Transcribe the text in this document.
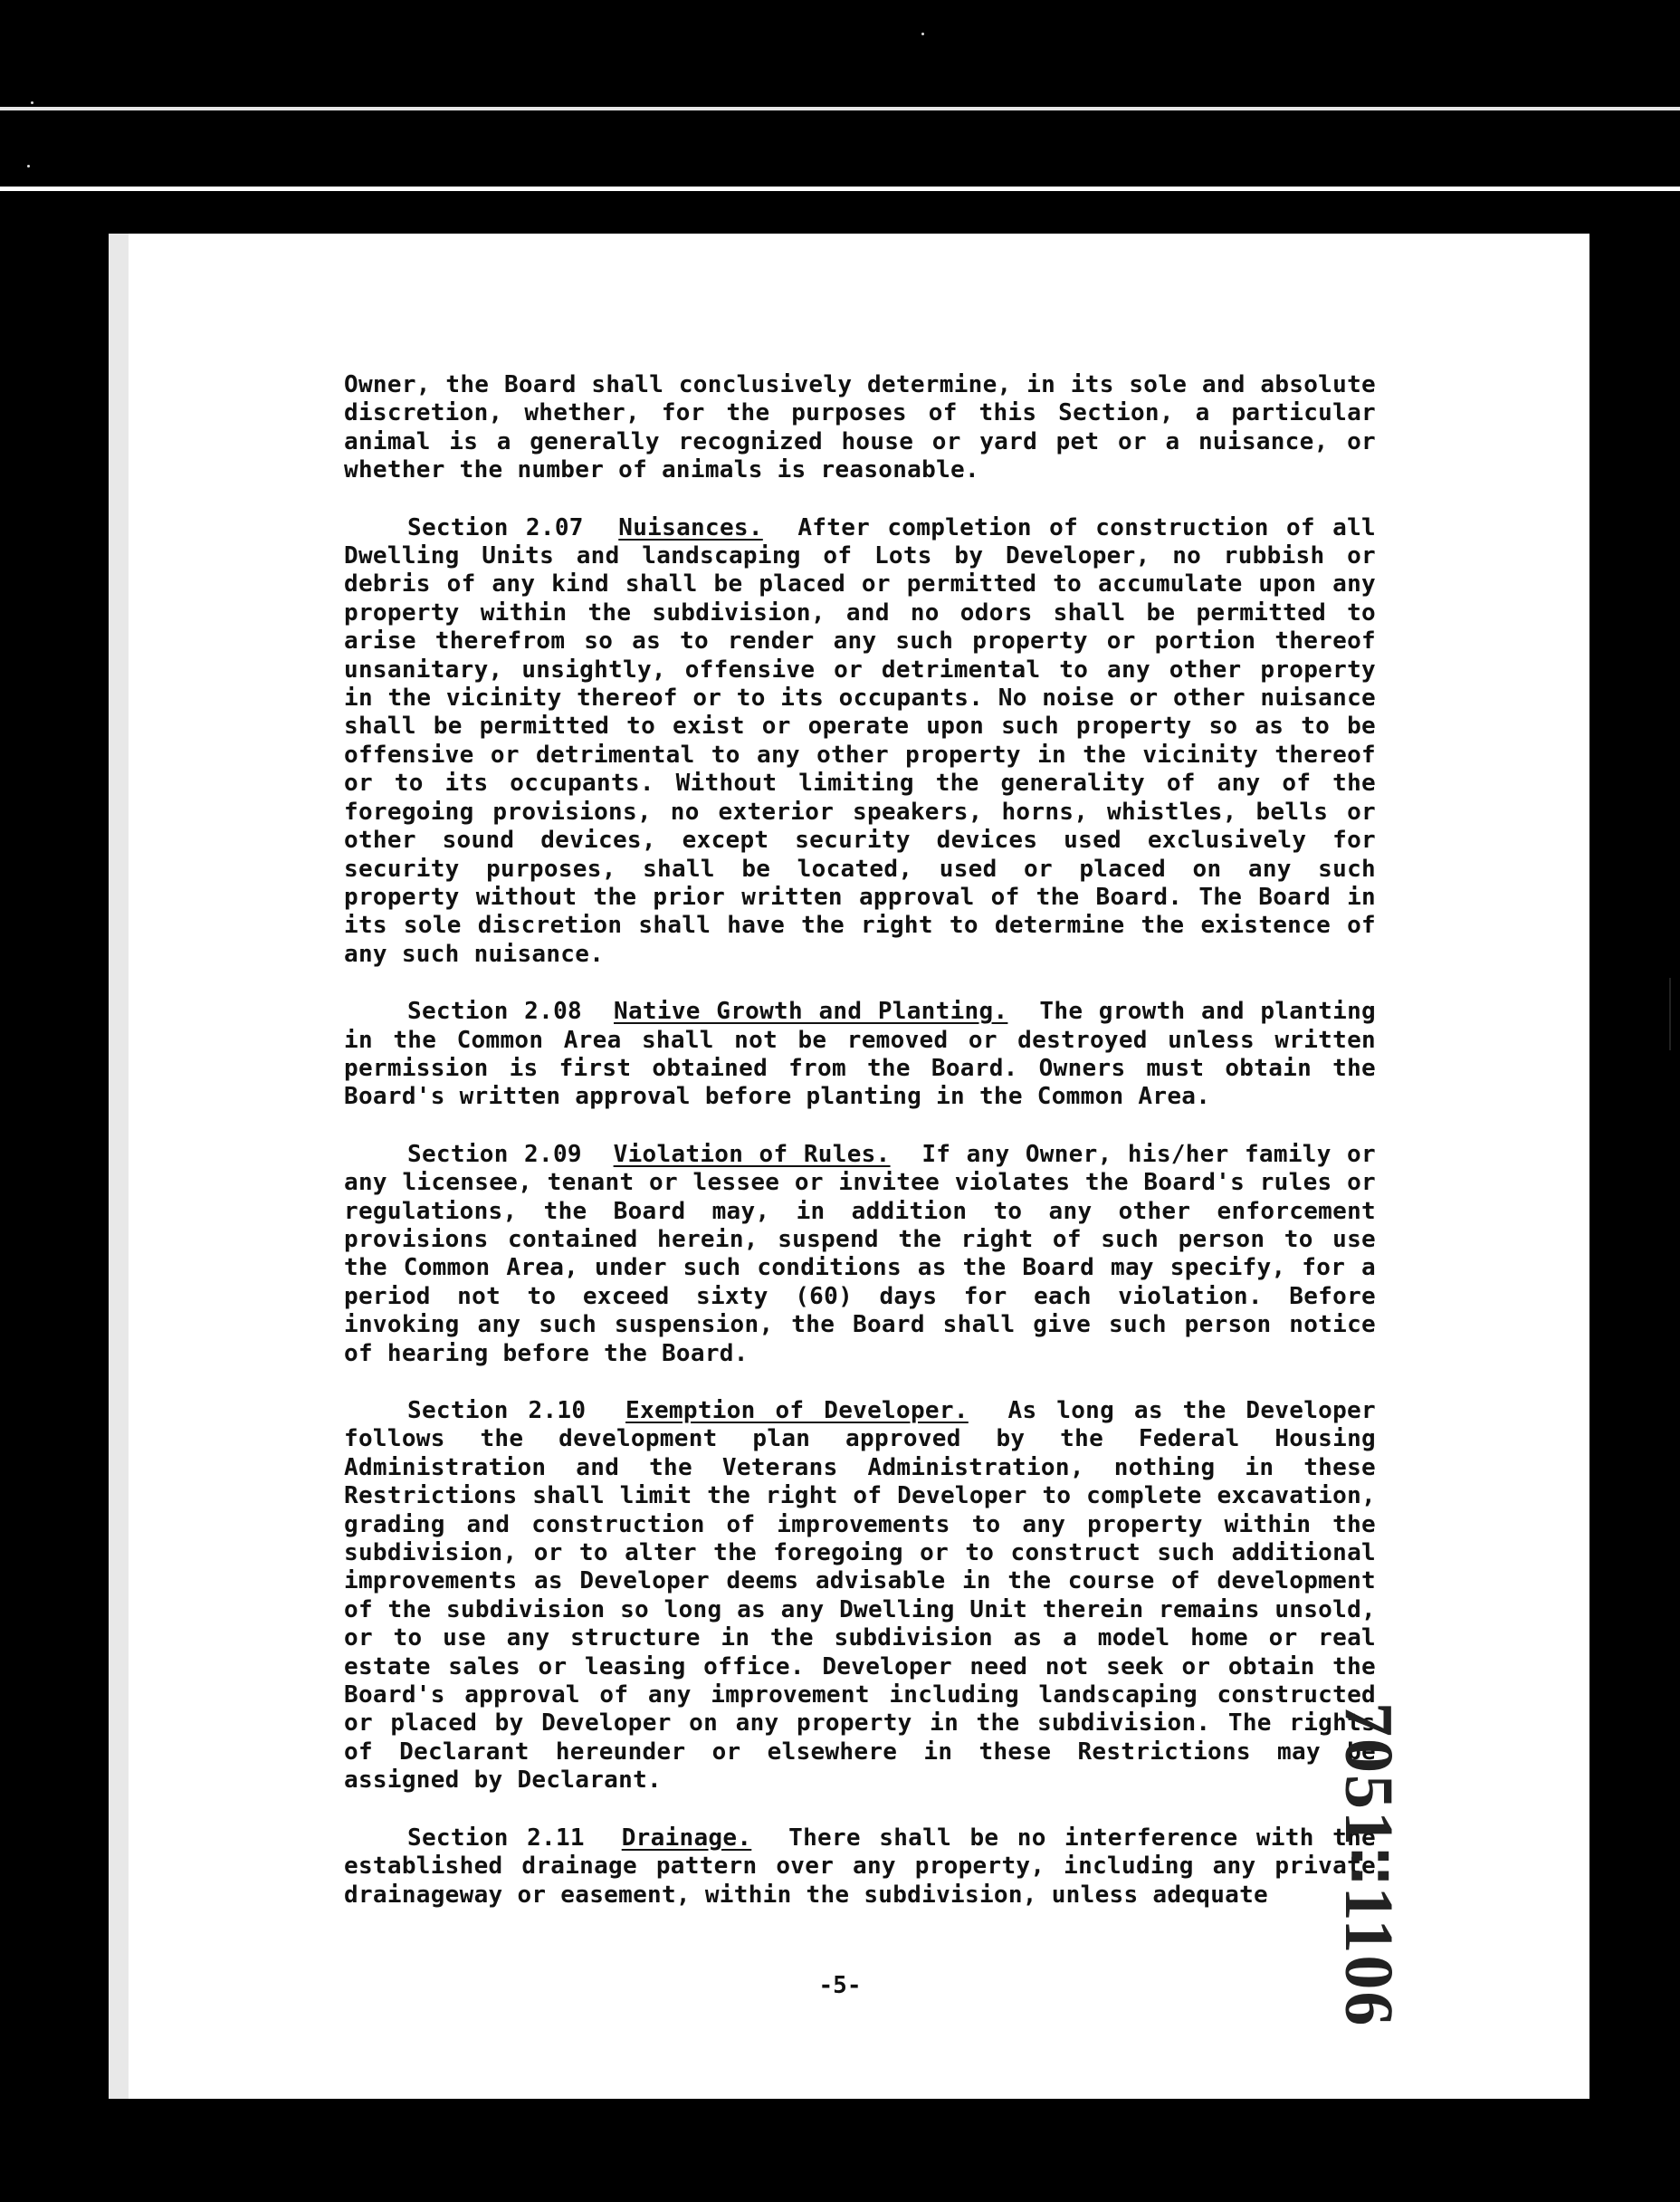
Owner, the Board shall conclusively determine, in its sole and absolute discretion, whether, for the purposes of this Section, a particular animal is a generally recognized house or yard pet or a nuisance, or whether the number of animals is reasonable.

Section 2.07 Nuisances. After completion of construction of all Dwelling Units and landscaping of Lots by Developer, no rubbish or debris of any kind shall be placed or permitted to accumulate upon any property within the subdivision, and no odors shall be permitted to arise therefrom so as to render any such property or portion thereof unsanitary, unsightly, offensive or detrimental to any other property in the vicinity thereof or to its occupants. No noise or other nuisance shall be permitted to exist or operate upon such property so as to be offensive or detrimental to any other property in the vicinity thereof or to its occupants. Without limiting the generality of any of the foregoing provisions, no exterior speakers, horns, whistles, bells or other sound devices, except security devices used exclusively for security purposes, shall be located, used or placed on any such property without the prior written approval of the Board. The Board in its sole discretion shall have the right to determine the existence of any such nuisance.

Section 2.08 Native Growth and Planting. The growth and planting in the Common Area shall not be removed or destroyed unless written permission is first obtained from the Board. Owners must obtain the Board's written approval before planting in the Common Area.

Section 2.09 Violation of Rules. If any Owner, his/her family or any licensee, tenant or lessee or invitee violates the Board's rules or regulations, the Board may, in addition to any other enforcement provisions contained herein, suspend the right of such person to use the Common Area, under such conditions as the Board may specify, for a period not to exceed sixty (60) days for each violation. Before invoking any such suspension, the Board shall give such person notice of hearing before the Board.

Section 2.10 Exemption of Developer. As long as the Developer follows the development plan approved by the Federal Housing Administration and the Veterans Administration, nothing in these Restrictions shall limit the right of Developer to complete excavation, grading and construction of improvements to any property within the subdivision, or to alter the foregoing or to construct such additional improvements as Developer deems advisable in the course of development of the subdivision so long as any Dwelling Unit therein remains unsold, or to use any structure in the subdivision as a model home or real estate sales or leasing office. Developer need not seek or obtain the Board's approval of any improvement including landscaping constructed or placed by Developer on any property in the subdivision. The rights of Declarant hereunder or elsewhere in these Restrictions may be assigned by Declarant.

Section 2.11 Drainage. There shall be no interference with the established drainage pattern over any property, including any private drainageway or easement, within the subdivision, unless adequate

-5-	7051∶∶1106
